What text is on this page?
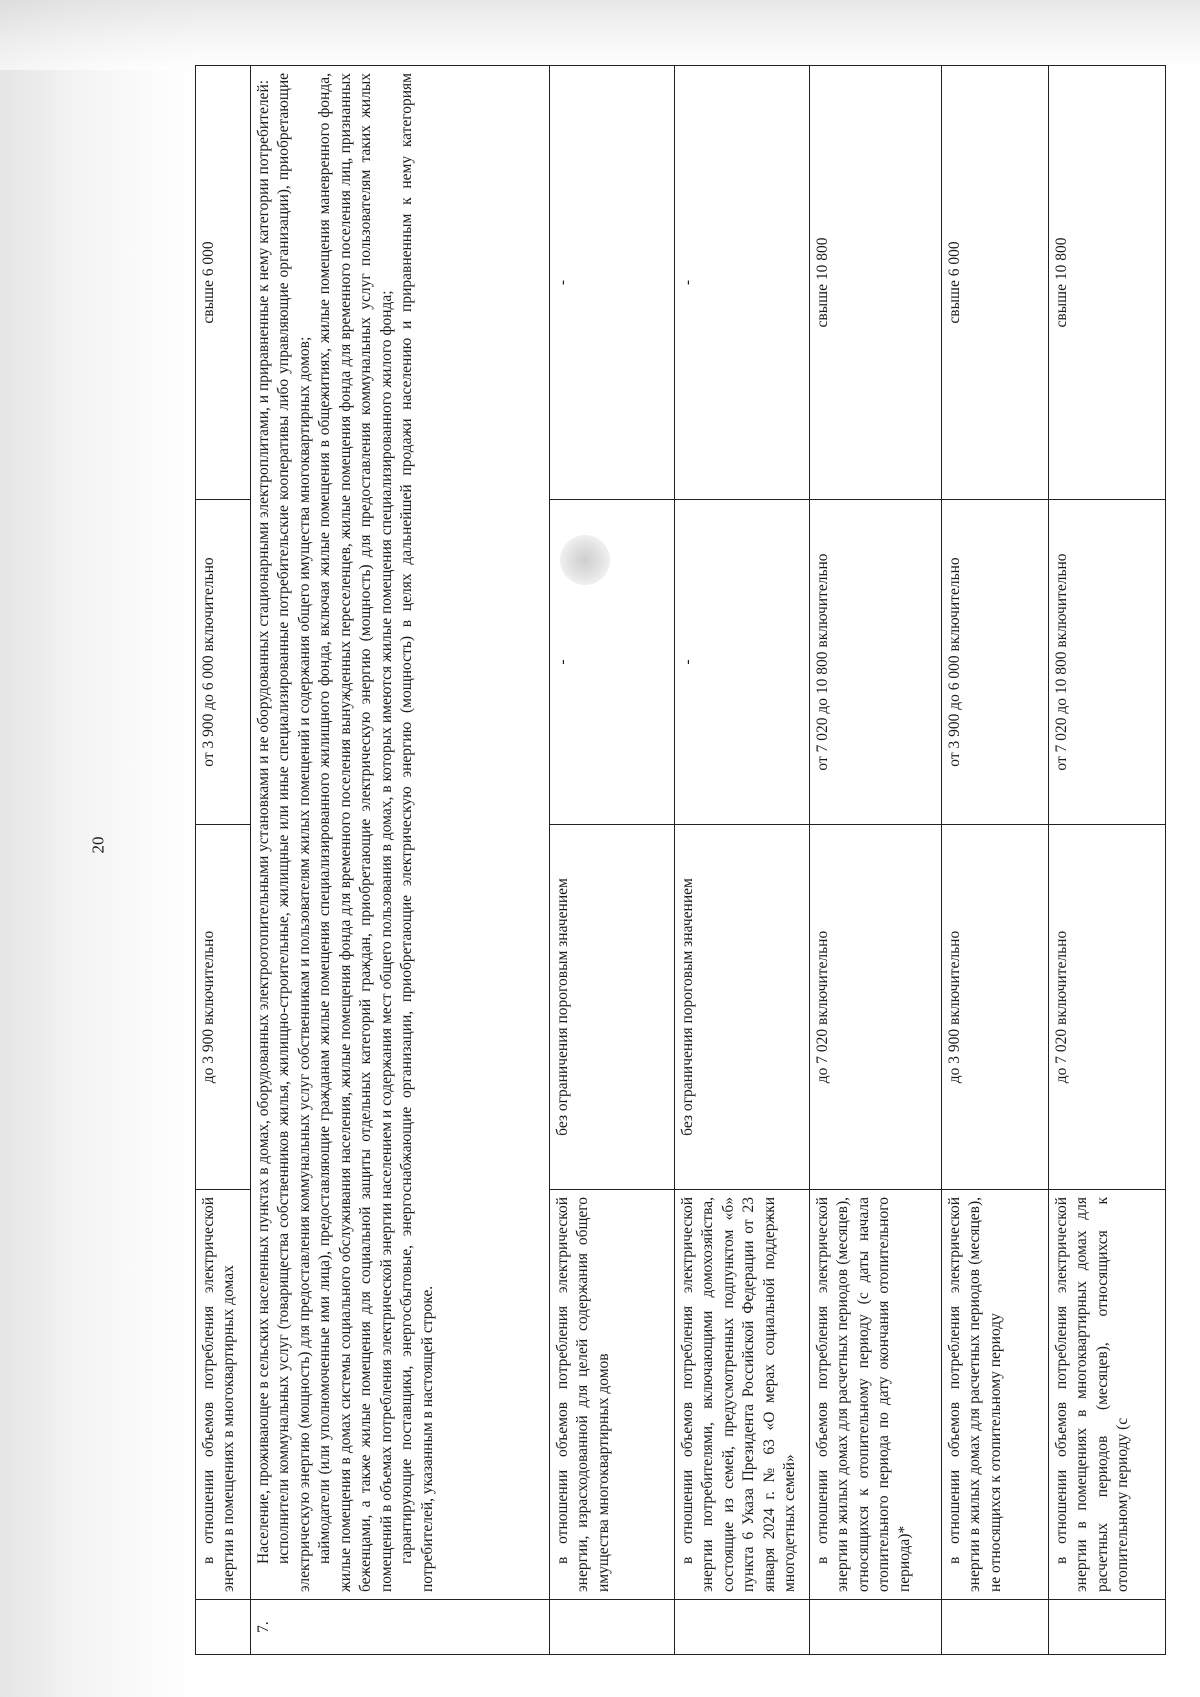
20

	в отношении объемов потребления электрической энергии в помещениях в многоквартирных домах	до 3 900 включительно	от 3 900 до 6 000 включительно	свыше 6 000
7.	Население, проживающее в сельских населенных пунктах в домах, оборудованных электроотопительными установками и не оборудованных стационарными электроплитами, и приравненные к нему категории потребителей: исполнители коммунальных услуг (товарищества собственников жилья, жилищно-строительные, жилищные или иные специализированные потребительские кооперативы либо управляющие организации), приобретающие электрическую энергию (мощность) для предоставления коммунальных услуг собственникам и пользователям жилых помещений и содержания общего имущества многоквартирных домов; наймодатели (или уполномоченные ими лица), предоставляющие гражданам жилые помещения специализированного жилищного фонда, включая жилые помещения в общежитиях, жилые помещения маневренного фонда, жилые помещения в домах системы социального обслуживания населения, жилые помещения фонда для временного поселения вынужденных переселенцев, жилые помещения фонда для временного поселения лиц, признанных беженцами, а также жилые помещения для социальной защиты отдельных категорий граждан, приобретающие электрическую энергию (мощность) для предоставления коммунальных услуг пользователям таких жилых помещений в объемах потребления электрической энергии населением и содержания мест общего пользования в домах, в которых имеются жилые помещения специализированного жилого фонда; гарантирующие поставщики, энергосбытовые, энергоснабжающие организации, приобретающие электрическую энергию (мощность) в целях дальнейшей продажи населению и приравненным к нему категориям потребителей, указанным в настоящей строке.			

	в отношении объемов потребления электрической энергии, израсходованной для целей содержания общего имущества многоквартирных домов	без ограничения пороговым значением	-	-

	в отношении объемов потребления электрической энергии потребителями, включающими домохозяйства, состоящие из семей, предусмотренных подпунктом «б» пункта 6 Указа Президента Российской Федерации от 23 января 2024 г. № 63 «О мерах социальной поддержки многодетных семей»	без ограничения пороговым значением	-	-

	в отношении объемов потребления электрической энергии в жилых домах для расчетных периодов (месяцев), относящихся к отопительному периоду (с даты начала отопительного периода по дату окончания отопительного периода)*	до 7 020 включительно	от 7 020 до 10 800 включительно	свыше 10 800

	в отношении объемов потребления электрической энергии в жилых домах для расчетных периодов (месяцев), не относящихся к отопительному периоду	до 3 900 включительно	от 3 900 до 6 000 включительно	свыше 6 000

	в отношении объемов потребления электрической энергии в помещениях в многоквартирных домах для расчетных периодов (месяцев), относящихся к отопительному периоду (с	до 7 020 включительно	от 7 020 до 10 800 включительно	свыше 10 800
